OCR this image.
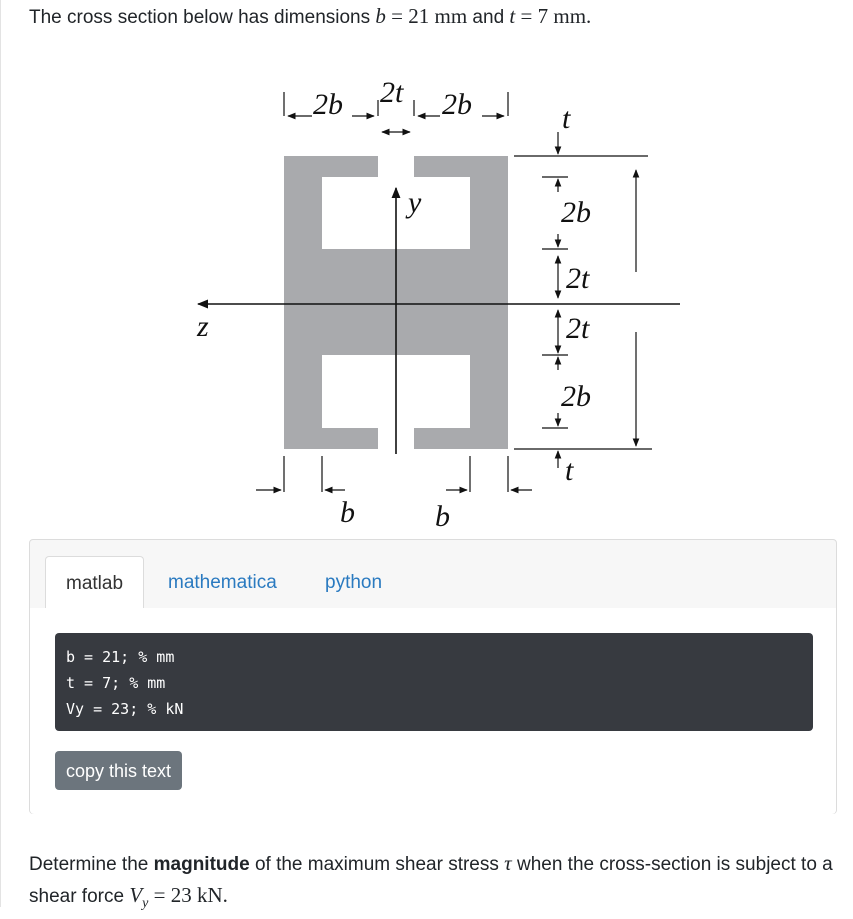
The cross section below has dimensions b = 21 mm and t = 7 mm.
2b 2t 2b	t
2b
2t
2t
2b
t
y
z
b	b
matlab	mathematica	python
b = 21; % mm
t = 7; % mm
Vy = 23; % kN
copy this text
Determine the magnitude of the maximum shear stress τ when the cross-section is subject to a shear force $V_y = 23$ kN.
